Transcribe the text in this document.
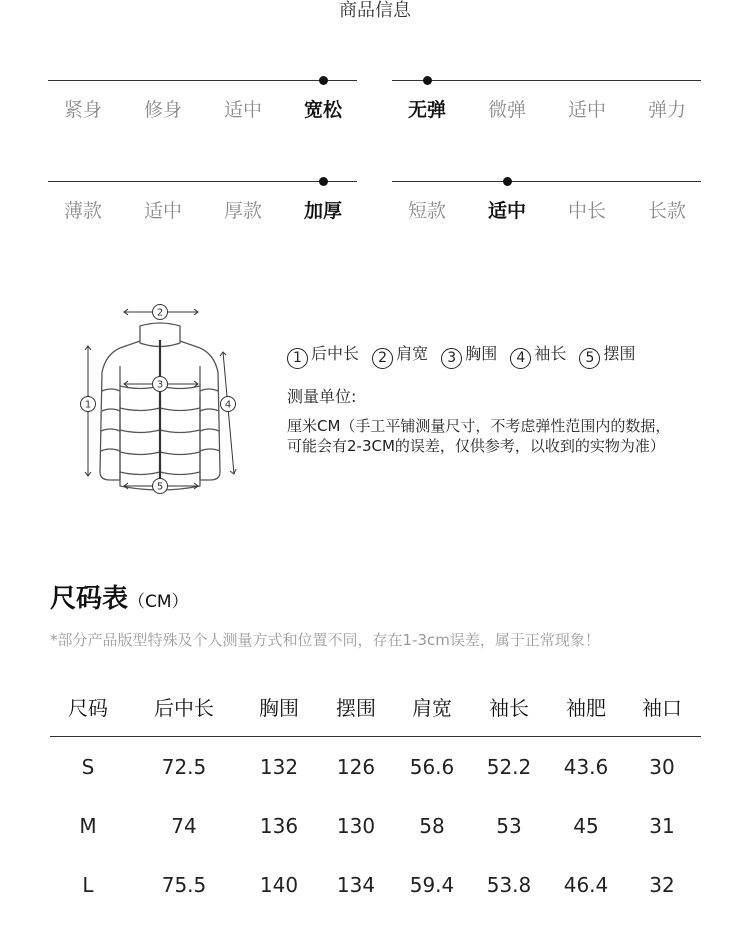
商品信息
紧身	修身	适中	宽松	无弹	微弹	适中	弹力
薄款	适中	厚款	加厚	短款	适中	中长	长款
2
1
3
4
5
1 后中长 2 肩宽 3 胸围 4 袖长 5 摆围
测量单位:
厘米CM（手工平铺测量尺寸，不考虑弹性范围内的数据，
可能会有2-3CM的误差，仅供参考，以收到的实物为准）
尺码表（CM）
*部分产品版型特殊及个人测量方式和位置不同，存在1-3cm误差，属于正常现象！
尺码	后中长	胸围	摆围	肩宽	袖长	袖肥	袖口
S	72.5	132	126	56.6	52.2	43.6	30
M	74	136	130	58	53	45	31
L	75.5	140	134	59.4	53.8	46.4	32
